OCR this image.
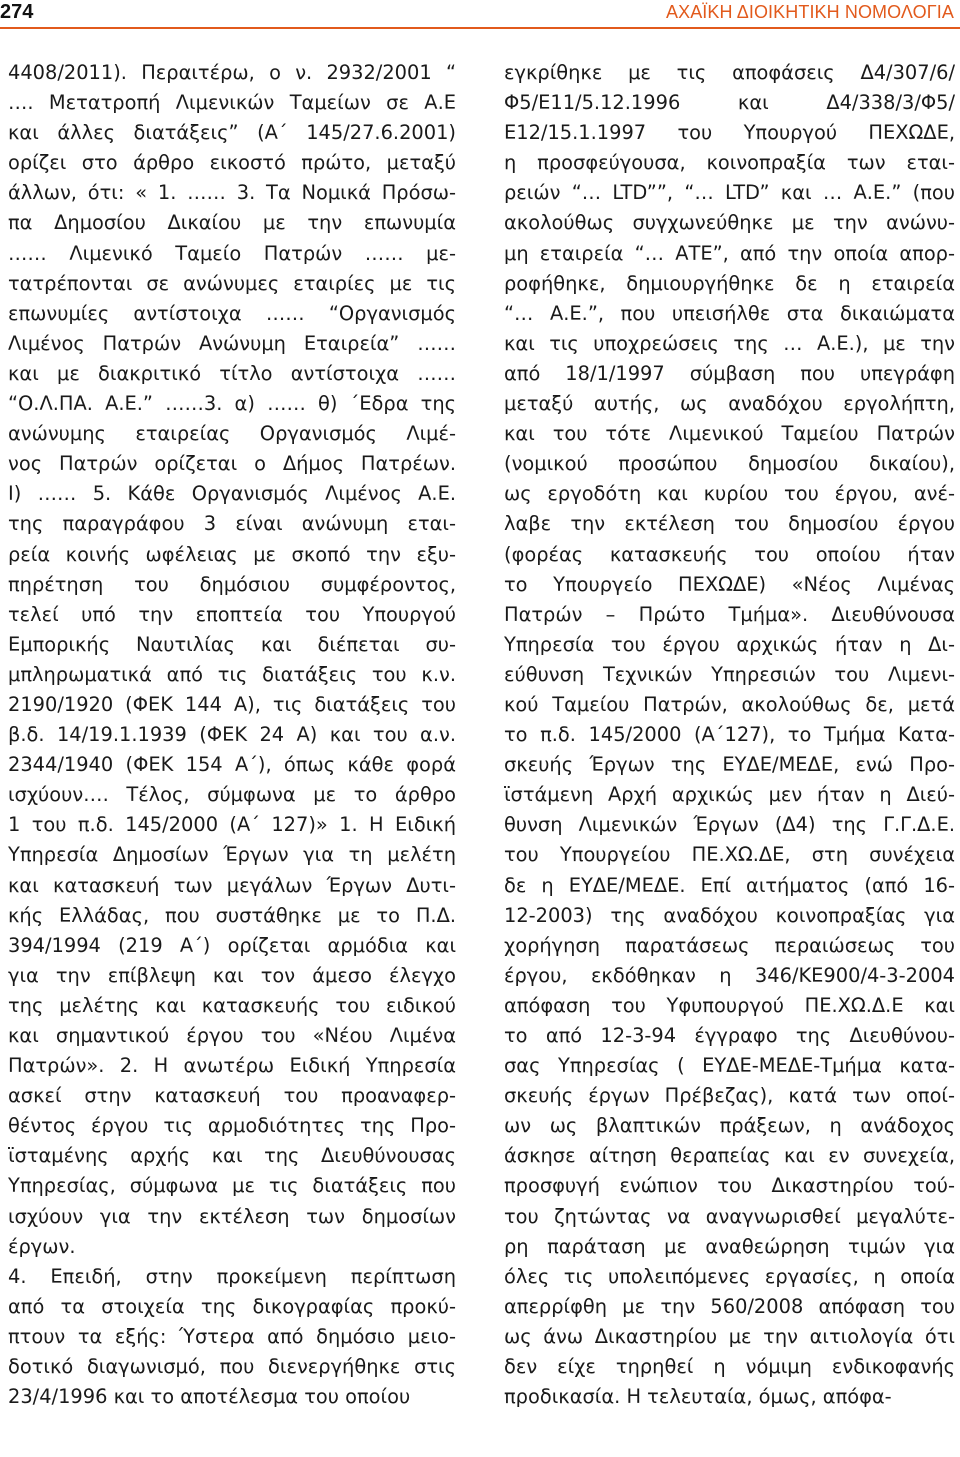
274	ΑΧΑΪΚΗ ΔΙΟΙΚΗΤΙΚΗ ΝΟΜΟΛΟΓΙΑ
4408/2011). Περαιτέρω, ο ν. 2932/2001 “
…. Μετατροπή Λιμενικών Ταμείων σε Α.Ε
και άλλες διατάξεις” (Α΄ 145/27.6.2001)
ορίζει στο άρθρο εικοστό πρώτο, μεταξύ
άλλων, ότι: « 1. …… 3. Τα Νομικά Πρόσω-
πα Δημοσίου Δικαίου με την επωνυμία
…… Λιμενικό Ταμείο Πατρών …… με-
τατρέπονται σε ανώνυμες εταιρίες με τις
επωνυμίες αντίστοιχα …… “Οργανισμός
Λιμένος Πατρών Ανώνυμη Εταιρεία” ……
και με διακριτικό τίτλο αντίστοιχα ……
“Ο.Λ.ΠΑ. Α.Ε.” ……3. α) …… θ) ΄Εδρα της
ανώνυμης εταιρείας Οργανισμός Λιμέ-
νος Πατρών ορίζεται ο Δήμος Πατρέων.
Ι) …… 5. Κάθε Οργανισμός Λιμένος Α.Ε.
της παραγράφου 3 είναι ανώνυμη εται-
ρεία κοινής ωφέλειας με σκοπό την εξυ-
πηρέτηση του δημόσιου συμφέροντος,
τελεί υπό την εποπτεία του Υπουργού
Εμπορικής Ναυτιλίας και διέπεται συ-
μπληρωματικά από τις διατάξεις του κ.ν.
2190/1920 (ΦΕΚ 144 Α), τις διατάξεις του
β.δ. 14/19.1.1939 (ΦΕΚ 24 Α) και του α.ν.
2344/1940 (ΦΕΚ 154 Α΄), όπως κάθε φορά
ισχύουν…. Τέλος, σύμφωνα με το άρθρο
1 του π.δ. 145/2000 (Α΄ 127)» 1. Η Ειδική
Υπηρεσία Δημοσίων Έργων για τη μελέτη
και κατασκευή των μεγάλων Έργων Δυτι-
κής Ελλάδας, που συστάθηκε με το Π.Δ.
394/1994 (219 Α΄) ορίζεται αρμόδια και
για την επίβλεψη και τον άμεσο έλεγχο
της μελέτης και κατασκευής του ειδικού
και σημαντικού έργου του «Νέου Λιμένα
Πατρών». 2. Η ανωτέρω Ειδική Υπηρεσία
ασκεί στην κατασκευή του προαναφερ-
θέντος έργου τις αρμοδιότητες της Προ-
ϊσταμένης αρχής και της Διευθύνουσας
Υπηρεσίας, σύμφωνα με τις διατάξεις που
ισχύουν για την εκτέλεση των δημοσίων
έργων.
4. Επειδή, στην προκείμενη περίπτωση
από τα στοιχεία της δικογραφίας προκύ-
πτουν τα εξής: Ύστερα από δημόσιο μειο-
δοτικό διαγωνισμό, που διενεργήθηκε στις
23/4/1996 και το αποτέλεσμα του οποίου
εγκρίθηκε με τις αποφάσεις Δ4/307/6/
Φ5/Ε11/5.12.1996 και Δ4/338/3/Φ5/
Ε12/15.1.1997 του Υπουργού ΠΕΧΩΔΕ,
η προσφεύγουσα, κοινοπραξία των εται-
ρειών “… LTD””, “… LTD” και … Α.Ε.” (που
ακολούθως συγχωνεύθηκε με την ανώνυ-
μη εταιρεία “… ΑΤΕ”, από την οποία απορ-
ροφήθηκε, δημιουργήθηκε δε η εταιρεία
“… Α.Ε.”, που υπεισήλθε στα δικαιώματα
και τις υποχρεώσεις της … Α.Ε.), με την
από 18/1/1997 σύμβαση που υπεγράφη
μεταξύ αυτής, ως αναδόχου εργολήπτη,
και του τότε Λιμενικού Ταμείου Πατρών
(νομικού προσώπου δημοσίου δικαίου),
ως εργοδότη και κυρίου του έργου, ανέ-
λαβε την εκτέλεση του δημοσίου έργου
(φορέας κατασκευής του οποίου ήταν
το Υπουργείο ΠΕΧΩΔΕ) «Νέος Λιμένας
Πατρών – Πρώτο Τμήμα». Διευθύνουσα
Υπηρεσία του έργου αρχικώς ήταν η Δι-
εύθυνση Τεχνικών Υπηρεσιών του Λιμενι-
κού Ταμείου Πατρών, ακολούθως δε, μετά
το π.δ. 145/2000 (Α΄127), το Τμήμα Κατα-
σκευής Έργων της ΕΥΔΕ/ΜΕΔΕ, ενώ Προ-
ϊστάμενη Αρχή αρχικώς μεν ήταν η Διεύ-
θυνση Λιμενικών Έργων (Δ4) της Γ.Γ.Δ.Ε.
του Υπουργείου ΠΕ.ΧΩ.ΔΕ, στη συνέχεια
δε η ΕΥΔΕ/ΜΕΔΕ. Επί αιτήματος (από 16-
12-2003) της αναδόχου κοινοπραξίας για
χορήγηση παρατάσεως περαιώσεως του
έργου, εκδόθηκαν η 346/ΚΕ900/4-3-2004
απόφαση του Υφυπουργού ΠΕ.ΧΩ.Δ.Ε και
το από 12-3-94 έγγραφο της Διευθύνου-
σας Υπηρεσίας ( ΕΥΔΕ-ΜΕΔΕ-Τμήμα κατα-
σκευής έργων Πρέβεζας), κατά των οποί-
ων ως βλαπτικών πράξεων, η ανάδοχος
άσκησε αίτηση θεραπείας και εν συνεχεία,
προσφυγή ενώπιον του Δικαστηρίου τού-
του ζητώντας να αναγνωρισθεί μεγαλύτε-
ρη παράταση με αναθεώρηση τιμών για
όλες τις υπολειπόμενες εργασίες, η οποία
απερρίφθη με την 560/2008 απόφαση του
ως άνω Δικαστηρίου με την αιτιολογία ότι
δεν είχε τηρηθεί η νόμιμη ενδικοφανής
προδικασία. Η τελευταία, όμως, απόφα-
